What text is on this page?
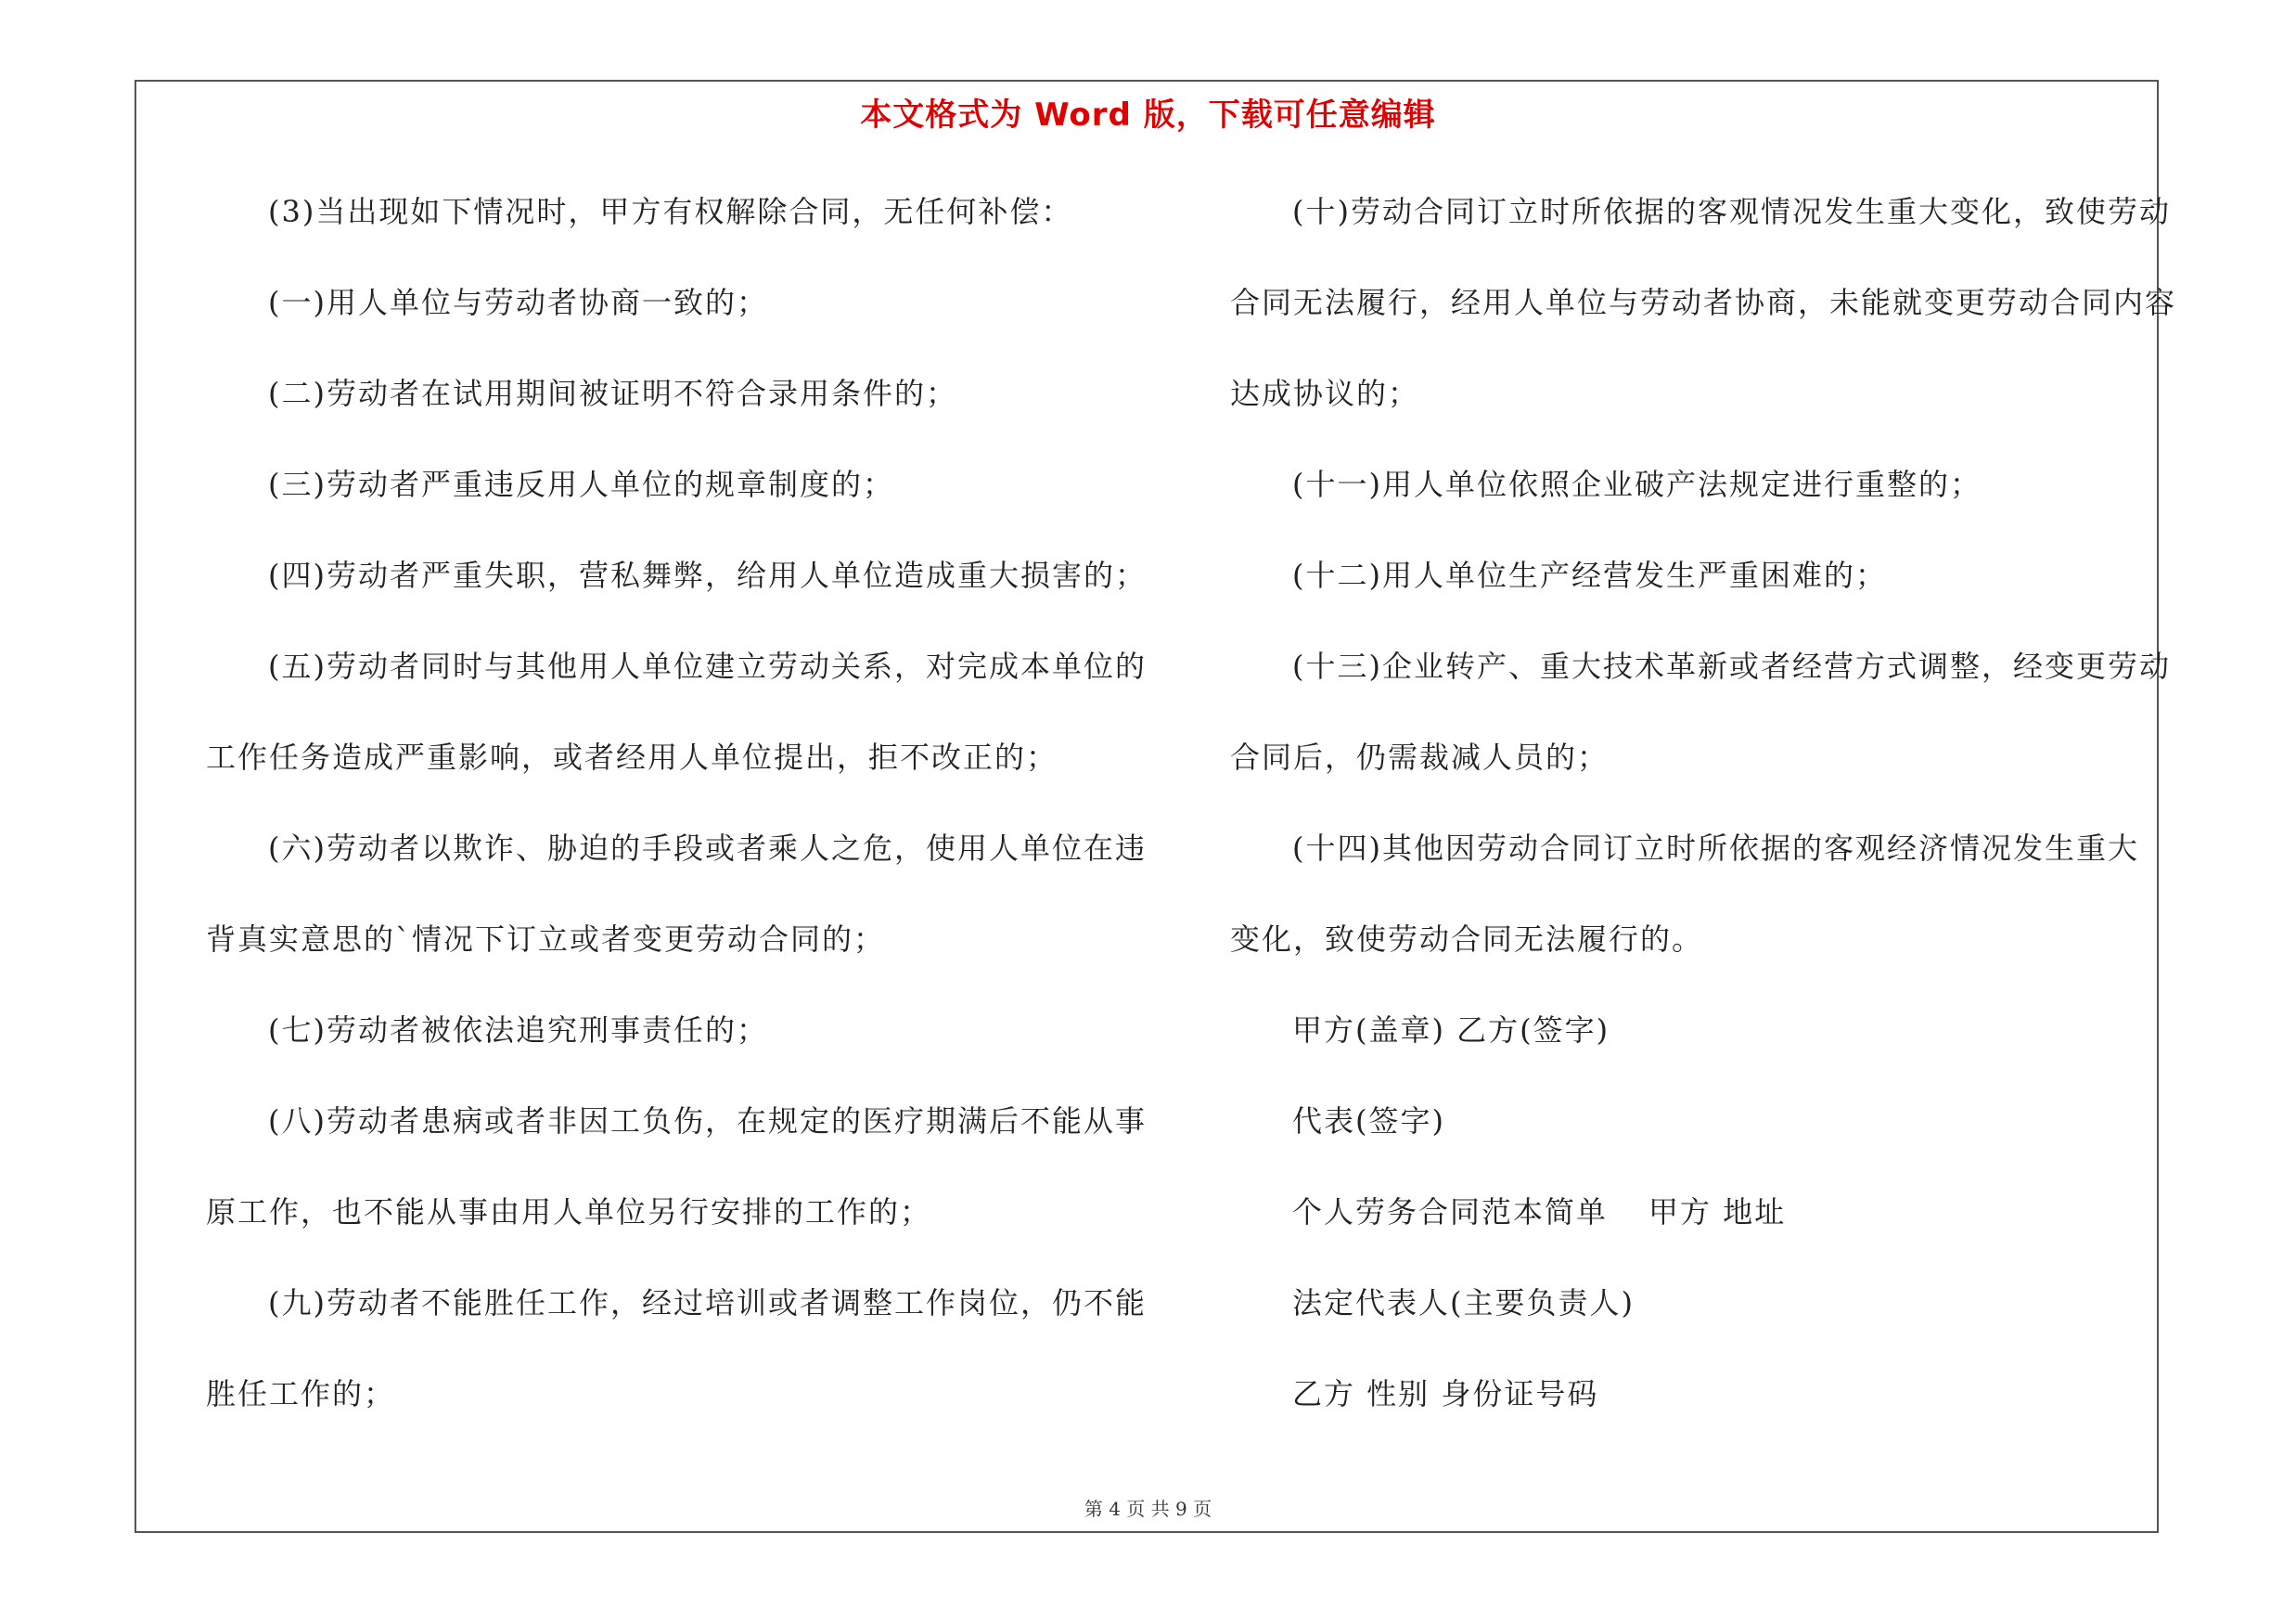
本文格式为 Word 版，下载可任意编辑
(3)当出现如下情况时，甲方有权解除合同，无任何补偿：
(一)用人单位与劳动者协商一致的；
(二)劳动者在试用期间被证明不符合录用条件的；
(三)劳动者严重违反用人单位的规章制度的；
(四)劳动者严重失职，营私舞弊，给用人单位造成重大损害的；
(五)劳动者同时与其他用人单位建立劳动关系，对完成本单位的
工作任务造成严重影响，或者经用人单位提出，拒不改正的；
(六)劳动者以欺诈、胁迫的手段或者乘人之危，使用人单位在违
背真实意思的`情况下订立或者变更劳动合同的；
(七)劳动者被依法追究刑事责任的；
(八)劳动者患病或者非因工负伤，在规定的医疗期满后不能从事
原工作，也不能从事由用人单位另行安排的工作的；
(九)劳动者不能胜任工作，经过培训或者调整工作岗位，仍不能
胜任工作的；
(十)劳动合同订立时所依据的客观情况发生重大变化，致使劳动
合同无法履行，经用人单位与劳动者协商，未能就变更劳动合同内容
达成协议的；
(十一)用人单位依照企业破产法规定进行重整的；
(十二)用人单位生产经营发生严重困难的；
(十三)企业转产、重大技术革新或者经营方式调整，经变更劳动
合同后，仍需裁减人员的；
(十四)其他因劳动合同订立时所依据的客观经济情况发生重大
变化，致使劳动合同无法履行的。
甲方(盖章) 乙方(签字)
代表(签字)
个人劳务合同范本简单 甲方 地址
法定代表人(主要负责人)
乙方 性别 身份证号码
第 4 页 共 9 页
